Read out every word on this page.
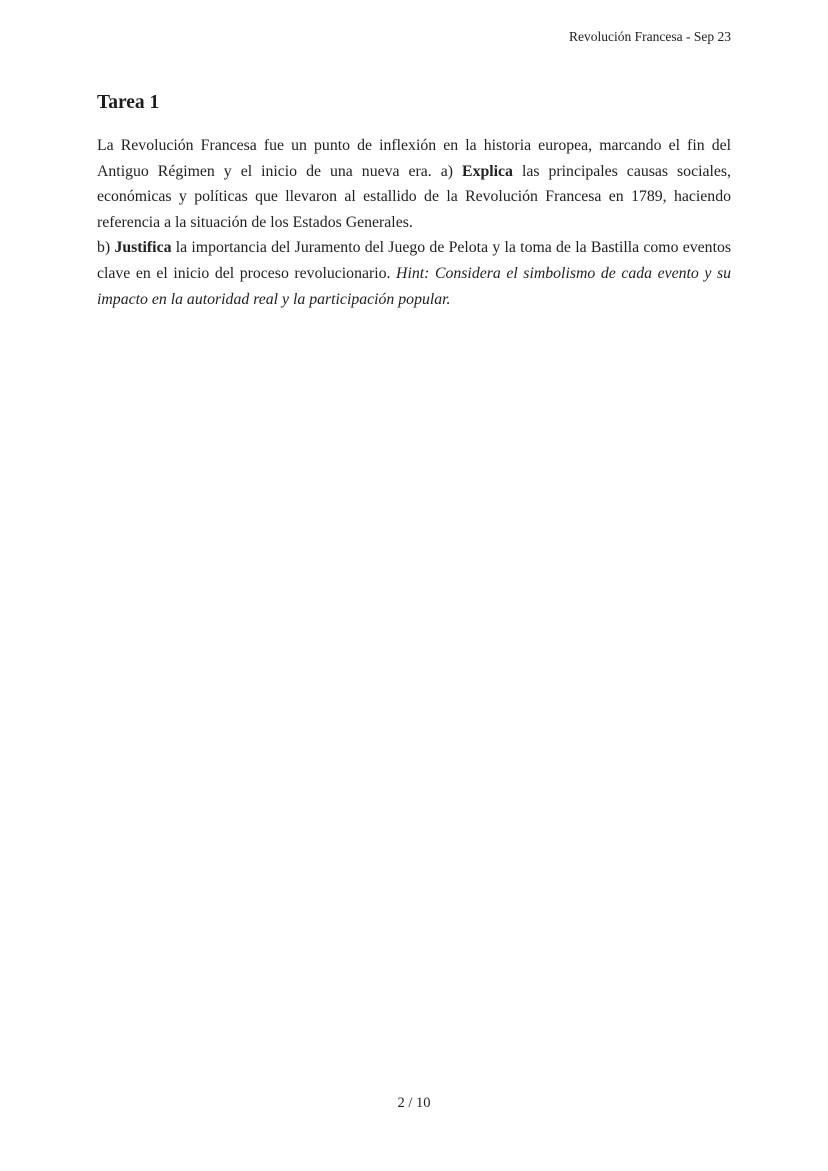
Revolución Francesa - Sep 23
Tarea 1

La Revolución Francesa fue un punto de inflexión en la historia europea, marcando el fin del Antiguo Régimen y el inicio de una nueva era. a) Explica las principales causas sociales, económicas y políticas que llevaron al estallido de la Revolución Francesa en 1789, haciendo referencia a la situación de los Estados Generales.

b) Justifica la importancia del Juramento del Juego de Pelota y la toma de la Bastilla como eventos clave en el inicio del proceso revolucionario. Hint: Considera el simbolismo de cada evento y su impacto en la autoridad real y la participación popular.

2 / 10
